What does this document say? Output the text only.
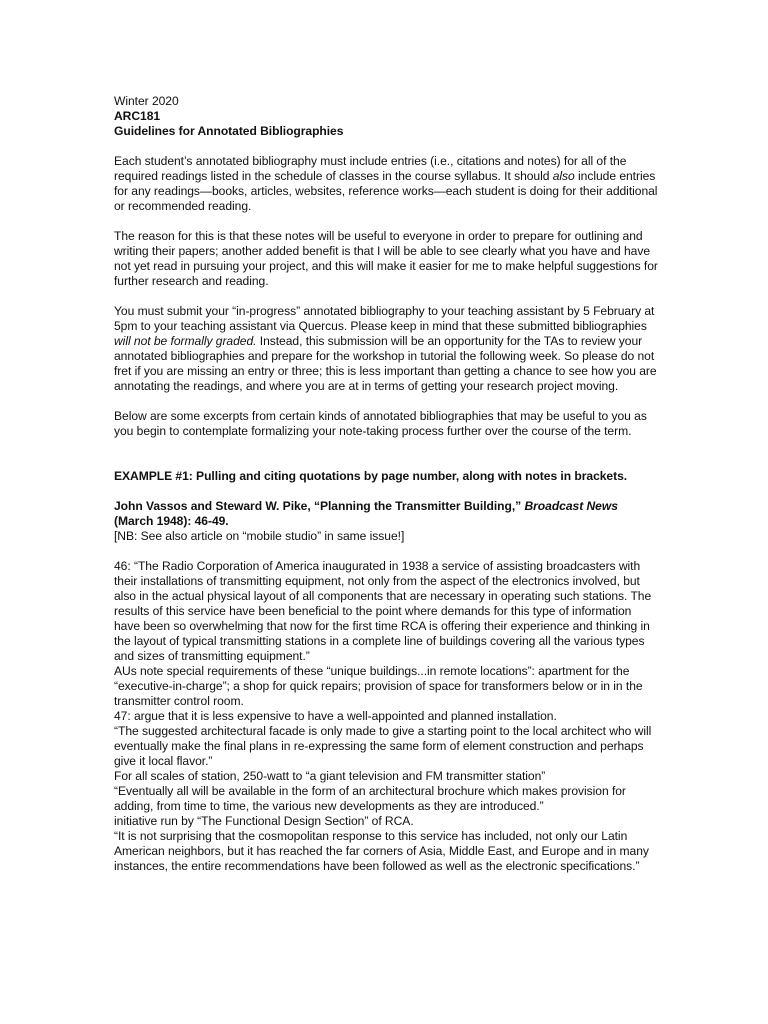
Winter 2020

ARC181

Guidelines for Annotated Bibliographies

Each student’s annotated bibliography must include entries (i.e., citations and notes) for all of the required readings listed in the schedule of classes in the course syllabus. It should also include entries for any readings—books, articles, websites, reference works—each student is doing for their additional or recommended reading.

The reason for this is that these notes will be useful to everyone in order to prepare for outlining and writing their papers; another added benefit is that I will be able to see clearly what you have and have not yet read in pursuing your project, and this will make it easier for me to make helpful suggestions for further research and reading.

You must submit your “in-progress” annotated bibliography to your teaching assistant by 5 February at 5pm to your teaching assistant via Quercus. Please keep in mind that these submitted bibliographies will not be formally graded. Instead, this submission will be an opportunity for the TAs to review your annotated bibliographies and prepare for the workshop in tutorial the following week. So please do not fret if you are missing an entry or three; this is less important than getting a chance to see how you are annotating the readings, and where you are at in terms of getting your research project moving.

Below are some excerpts from certain kinds of annotated bibliographies that may be useful to you as you begin to contemplate formalizing your note-taking process further over the course of the term.

EXAMPLE #1: Pulling and citing quotations by page number, along with notes in brackets.

John Vassos and Steward W. Pike, “Planning the Transmitter Building,” Broadcast News (March 1948): 46-49.

[NB: See also article on “mobile studio” in same issue!]

46: “The Radio Corporation of America inaugurated in 1938 a service of assisting broadcasters with their installations of transmitting equipment, not only from the aspect of the electronics involved, but also in the actual physical layout of all components that are necessary in operating such stations. The results of this service have been beneficial to the point where demands for this type of information have been so overwhelming that now for the first time RCA is offering their experience and thinking in the layout of typical transmitting stations in a complete line of buildings covering all the various types and sizes of transmitting equipment.”

AUs note special requirements of these “unique buildings...in remote locations”: apartment for the “executive-in-charge”; a shop for quick repairs; provision of space for transformers below or in in the transmitter control room.

47: argue that it is less expensive to have a well-appointed and planned installation.

“The suggested architectural facade is only made to give a starting point to the local architect who will eventually make the final plans in re-expressing the same form of element construction and perhaps give it local flavor.”

For all scales of station, 250-watt to “a giant television and FM transmitter station”

“Eventually all will be available in the form of an architectural brochure which makes provision for adding, from time to time, the various new developments as they are introduced.”

initiative run by “The Functional Design Section” of RCA.

“It is not surprising that the cosmopolitan response to this service has included, not only our Latin American neighbors, but it has reached the far corners of Asia, Middle East, and Europe and in many instances, the entire recommendations have been followed as well as the electronic specifications.”
